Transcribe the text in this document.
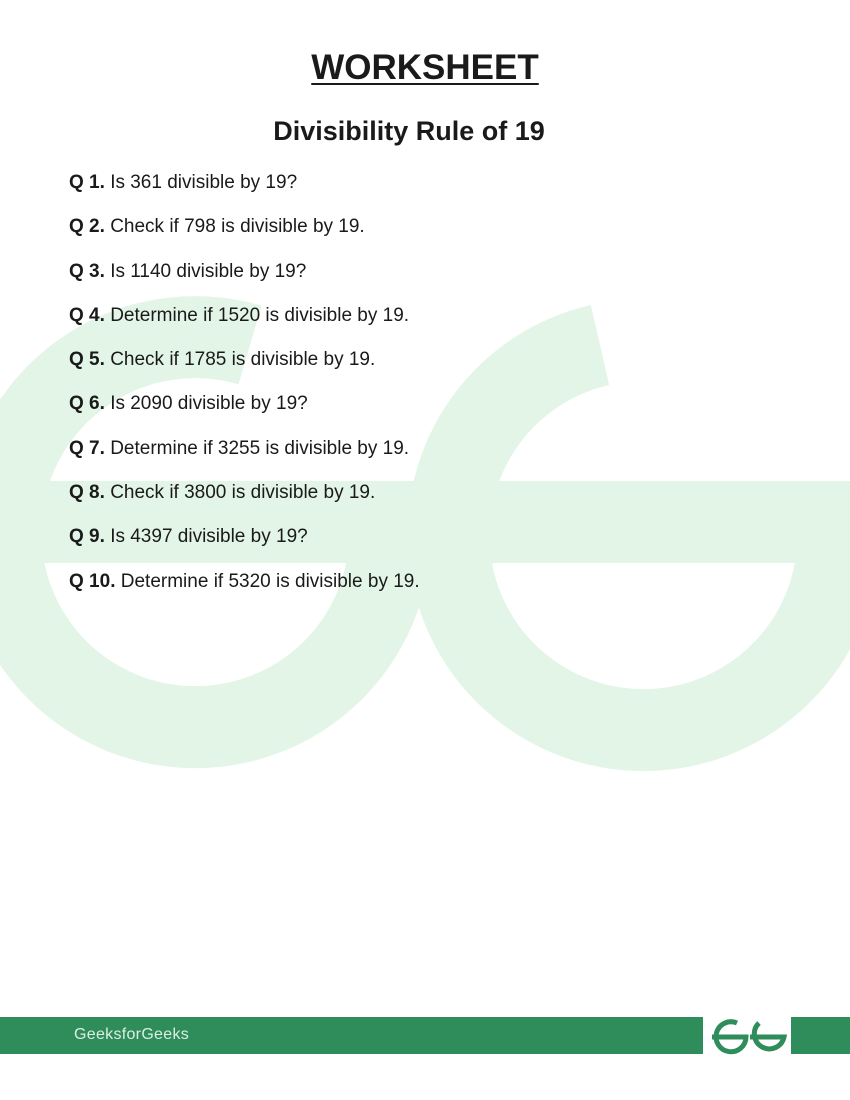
WORKSHEET
Divisibility Rule of 19
Q 1. Is 361 divisible by 19?
Q 2. Check if 798 is divisible by 19.
Q 3. Is 1140 divisible by 19?
Q 4. Determine if 1520 is divisible by 19.
Q 5. Check if 1785 is divisible by 19.
Q 6. Is 2090 divisible by 19?
Q 7. Determine if 3255 is divisible by 19.
Q 8. Check if 3800 is divisible by 19.
Q 9. Is 4397 divisible by 19?
Q 10. Determine if 5320 is divisible by 19.
GeeksforGeeks
